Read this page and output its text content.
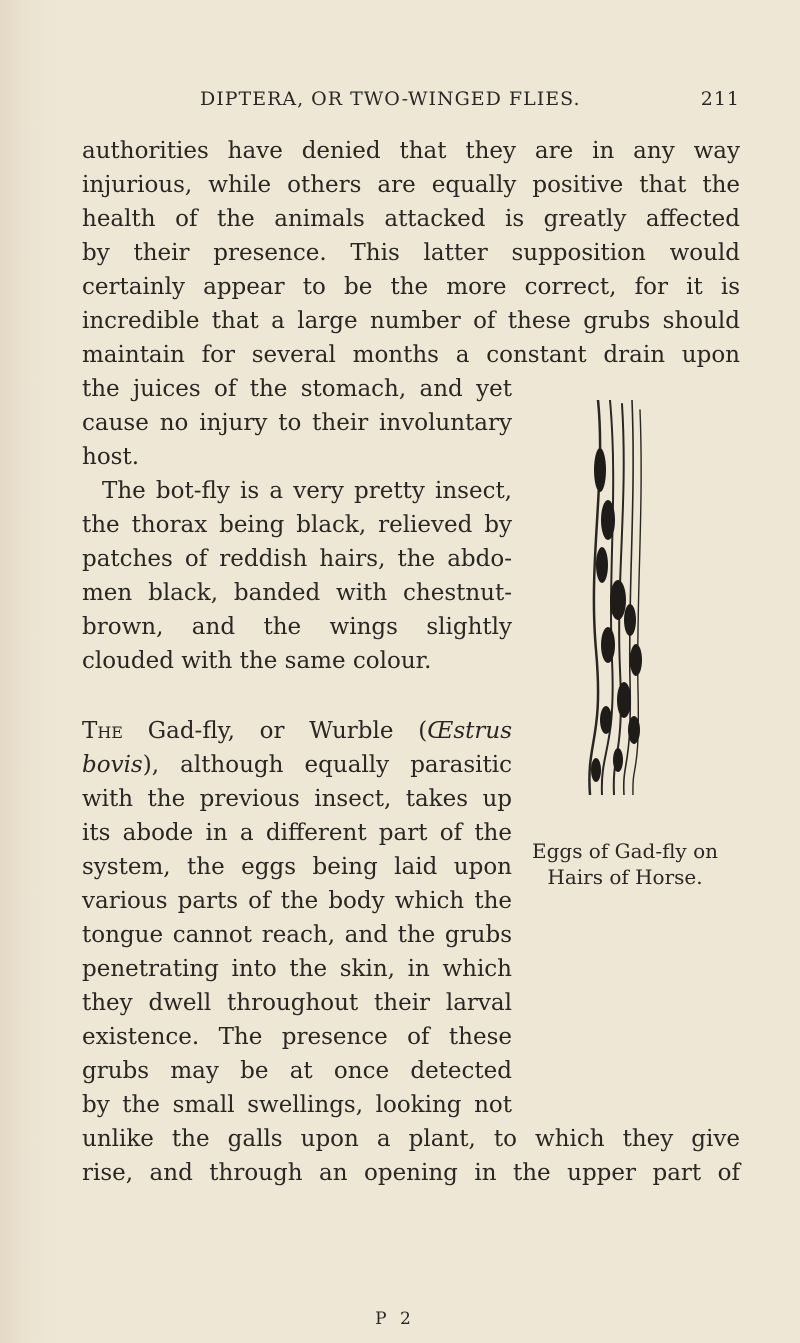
DIPTERA, OR TWO-WINGED FLIES.	211
authorities have denied that they are in any way
injurious, while others are equally positive that the
health of the animals attacked is greatly affected
by their presence. This latter supposition would
certainly appear to be the more correct, for it is
incredible that a large number of these grubs should
maintain for several months a constant drain upon
the juices of the stomach, and yet
cause no injury to their involuntary
host.
The bot-fly is a very pretty insect,
the thorax being black, relieved by
patches of reddish hairs, the abdo-
men black, banded with chestnut-
brown, and the wings slightly
clouded with the same colour.
The Gad-fly, or Wurble (Œstrus
bovis), although equally parasitic
with the previous insect, takes up
its abode in a different part of the
system, the eggs being laid upon
various parts of the body which the
tongue cannot reach, and the grubs
penetrating into the skin, in which
they dwell throughout their larval
existence. The presence of these
grubs may be at once detected
by the small swellings, looking not
unlike the galls upon a plant, to which they give
rise, and through an opening in the upper part of
Eggs of Gad-fly on
Hairs of Horse.
P 2
